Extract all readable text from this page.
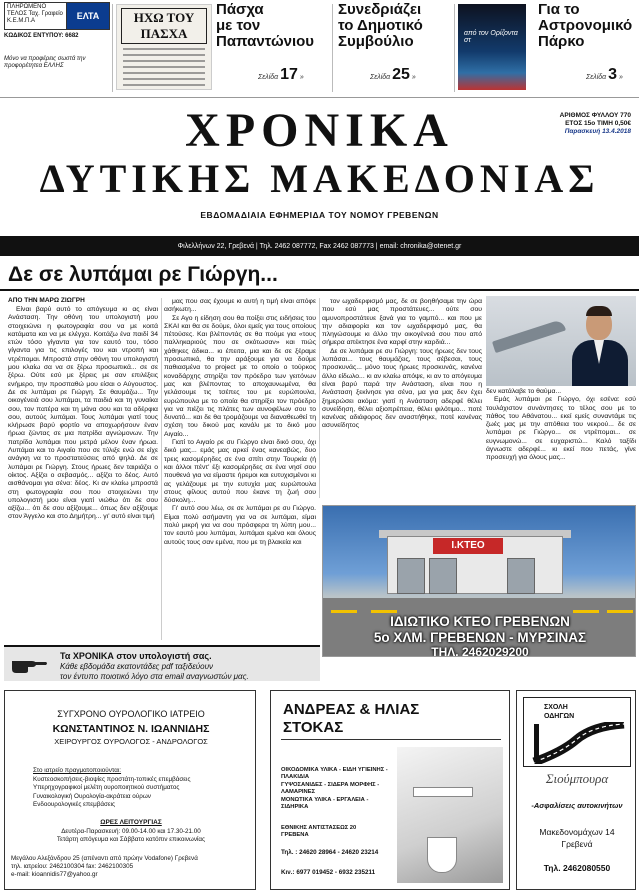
ΠΛΗΡΩΜΕΝΟ ΤΕΛΟΣ Ταχ. Γραφείο Κ.Ε.Μ.Π.Α	ΕΛΤΑ
ΚΩΔΙΚΟΣ ΕΝΤΥΠΟΥ: 6682
Μόνο να προφέρεις σωστά την προφορέτητεα ΕΛΛΗΣ
ΗΧΩ ΤΟΥ ΠΑΣΧΑ
Πάσχα
με τον
Παπαντώνιου
Σελίδα 17 »
Συνεδριάζει
το Δημοτικό
Συμβούλιο
Σελίδα 25 »
από τον Ορίζοντα στ
Για το
Αστρονομικό
Πάρκο
Σελίδα 3 »
ΧΡΟΝΙΚΑ
ΔΥΤΙΚΗΣ ΜΑΚΕΔΟΝΙΑΣ
ΕΒΔΟΜΑΔΙΑΙΑ ΕΦΗΜΕΡΙΔΑ ΤΟΥ ΝΟΜΟΥ ΓΡΕΒΕΝΩΝ
ΑΡΙΘΜΟΣ ΦΥΛΛΟΥ 770
ΕΤΟΣ 15ο ΤΙΜΗ 0,50€
Παρασκευή 13.4.2018
Φιλελλήνων 22, Γρεβενά | Τηλ. 2462 087772, Fax 2462 087773 | email: chronika@otenet.gr
Δε σε λυπάμαι ρε Γιώργη...
ΑΠΟ ΤΗΝ ΜΑΡΩ ΖΙΩΓΡΗ

Είναι βαρύ αυτό το απόγευμα κι ας είναι Ανάσταση. Την οθόνη του υπολογιστή μου στοιχειώνει η φωτογραφία σου να με κοιτά κατάματα και να με ελέγχει. Κοιτάζω ένα παιδί 34 ετών τόσο γίγαντα για τον εαυτό του, τόσο γίγαντα για τις επιλογές του και ντροπή και ντρέπομαι. Μπροστά στην οθόνη του υπολογιστή μου κλαίω σα να σε ξέρω προσωπικά... σε σε ξέρω. Ούτε εσύ με ξέρεις με σαν επιλέξεις ενήμερο, την προσπαθώ μου είσαι ο Αύγουστος. Δε σε λυπάμαι ρε Γιώργη. Σε θαυμάζω... Την οικογένειά σου λυπάμαι, τα παιδιά και τη γυναίκα σου, τον πατέρα και τη μάνα σου και τα αδέρφια σου, αυτούς λυπάμαι. Τους λυπάμαι γιατί τους κλήρωσε βαρύ φορτίο να αποχωρήσουν έναν ήρωα ζώντας σε μια πατρίδα αγνώμονων. Την πατρίδα λυπάμαι που μετρά μέλον έναν ήρωα. Λυπάμαι και το Αιγαίο που σε τύλιξε ενώ σε είχε ανάγκη να το προστατεύσεις από ψηλά. Δε σε λυπάμαι ρε Γιώργη. Στους ήρωες δεν ταιριάζει ο οίκτος. Αξίζει ο σεβασμός... αξίζει το δέος. Αυτό αισθάνομαι για σένα: δέος. Κι αν κλαίω μπροστά στη φωτογραφία σου που στοιχειώνει την υπολογιστή μου είναι γιατί νιώθω ότι δε σου αξίζω... ότι δε σου αξίζουμε... όπως δεν αξίζουμε στον Άγγελο και στο Δημήτρη... γι' αυτό είναι τιμή

μας που σας έχουμε κι αυτή η τιμή είναι απόφε ασήκωτη...

Σε Αγο η είδηση σου θα ποίξει στις ειδήσεις του ΣΚΑΙ και θα σε δούμε, όλοι εμείς για τους οποίους πέτούσες. Και βλέποντάς σε θα πούμε για «τους παλληκαριούς που σε σκότωσαν» και πιώς χάθηκες άδικα... κι έπειτα, μια και δε σε ξέραμε προσωπικά, θα την αράξουμε για να δούμε παθιασμένα το project με το οποίο ο τούρκος κοναδάρχης στηρίζει τον πρόεδρο των γειτόνων μας και βλέποντας το αποχαυνωμένα, θα γελάσουμε τις τσέπες του με ευρώπουλα, ευρώπουλα με το οποία θα στηρίξει τον πρόεδρο για να πιέζει τις πλάτες των αυνοφέλων σου το δυνατό... και δε θα τρομάζουμε να διαναθεωθεί τη σχέση του δικού μας κανάλι με το δικό μου Αιγαίο...

Γιατί το Αιγαίο ρε συ Γιώργο είναι δικό σου, όχι δικό μας... εμάς μας αρκεί ένας κανεαβώς, δυο τρεις κασομέρηδες σε ένα σπίτι στην Τουρκία (ή και άλλοι πέντ' έξι κασομέρηδες σε ένα νησί σου πουθενά για να είμαστε ήρεμοι και ευτυχισμένοι κι ας γελάζουμε με την ευτυχία μας ευρώπουλα στους φίλους αυτού που έκανε τη ζωή σου δύσκολη...

Γι' αυτό σου λέω, σε σε λυπάμαι ρε συ Γιώργο. Είμαι πολύ ασήμαντη για να σε λυπάμαι, είμαι πολύ μικρή για να σου πρόσφερα τη λύπη μου... τον εαυτό μου λυπάμαι, λυπάμαι εμένα και όλους αυτούς τους σαν εμένα, που με τη βλακεία και

τον ωχαδερφισμό μας, δε σε βοηθήσαμε την ώρα που εσύ μας προστάτευες... ούτε σου αμυνοπροστάτευε ξανά για το γαμπό... και που με την αδιαφορία και τον ωχαδερφισμό μας, θα πληγώσουμε κι άλλο την οικογένειά σου που από σήμερα απέκτησε ένα καρφί στην καρδιά...

Δε σε λυπάμαι ρε συ Γιώργη: τους ήρωες δεν τους λυπάσαι... τους θαυμάζεις, τους σέβεσαι, τους προσκυνάς... μόνο τους ήρωες προσκυνάς, κανένα άλλο είδωλο... κι αν κλαίω απόψε, κι αν το απόγευμα είναι βαρύ παρά την Ανάσταση, είναι που η Ανάσταση ξεκίνησε για σένα, μα για μας δεν έχει ξημερώσει ακόμα: γιατί η Ανάσταση αδερφέ θέλει συνείδηση, θέλει αξιοπρέπεια, θέλει φιλότιμο... ποτέ κανένας αδιάφορος δεν αναστήθηκε, ποτέ κανένας ασυνείδητος

δεν κατάλαβε το θαύμα...

Εμάς λυπάμαι ρε Γιώργο, όχι εσένα: εσύ τουλάχιστον συνάντησες το τέλος σου με το πάθος του Αθάνατου... εκεί εμείς συναντάμε τις ζωές μας με την απόθεια του νεκρού... δε σε λυπάμαι ρε Γιώργο... σε ντρέπομαι... σε ευγνωμονώ... σε ευχαριστώ... Καλό ταξίδι άγνωστε αδερφέ... κι εκεί που πετάς, γίνε προσευχή για όλους μας...

Ι.ΚΤΕΟ
ΙΔΙΩΤΙΚΟ ΚΤΕΟ ΓΡΕΒΕΝΩΝ
5ο ΧΛΜ. ΓΡΕΒΕΝΩΝ - ΜΥΡΣΙΝΑΣ
ΤΗΛ. 2462029200
Τα ΧΡΟΝΙΚΑ στον υπολογιστή σας.
Κάθε εβδομάδα εκατοντάδες pdf ταξιδεύουν
τον έντυπο ποιοτικό λόγο στα email αναγνωστών μας.
ΣΥΓΧΡΟΝΟ ΟΥΡΟΛΟΓΙΚΟ ΙΑΤΡΕΙΟ
ΚΩΝΣΤΑΝΤΙΝΟΣ Ν. ΙΩΑΝΝΙΔΗΣ
ΧΕΙΡΟΥΡΓΟΣ ΟΥΡΟΛΟΓΟΣ - ΑΝΔΡΟΛΟΓΟΣ
Στο ιατρείο πραγματοποιούνται:
Κυστεοσκοπήσεις-βιοψίες προστάτη-τοπικές επεμβάσεις
Υπερηχογραφικοί μελέτη ουροποιητικού συστήματος
Γυναικολογική Ουρολογία-ακράτεια ούρων
Ενδοουρολογικές επεμβάσεις
ΩΡΕΣ ΛΕΙΤΟΥΡΓΙΑΣ
Δευτέρα-Παρασκευή: 09.00-14.00 και 17.30-21.00
Τετάρτη απόγευμα και Σάββατο κατόπιν επικοινωνίας
Μεγάλου Αλεξάνδρου 25 (απέναντι από πρώην Vodafone) Γρεβενά
τηλ. ιατρείου: 2462100304 fax: 2462100305
e-mail: kioannidis77@yahoo.gr
ΑΝΔΡΕΑΣ & ΗΛΙΑΣ
ΣΤΟΚΑΣ
ΟΙΚΟΔΟΜΙΚΑ ΥΛΙΚΑ - ΕΙΔΗ ΥΓΙΕΙΝΗΣ -
ΠΛΑΚΙΔΙΑ
ΓΥΨΟΣΑΝΙΔΕΣ - ΣΙΔΕΡΑ ΜΟΡΦΗΣ -
ΛΑΜΑΡΙΝΕΣ
ΜΟΝΩΤΙΚΑ ΥΛΙΚΑ - ΕΡΓΑΛΕΙΑ -
ΣΙΔΗΡΙΚΑ
ΕΘΝΙΚΗΣ ΑΝΤΙΣΤΑΣΕΩΣ 20
ΓΡΕΒΕΝΑ
Τηλ. : 24620 28964 - 24620 23214
Κιν.: 6977 019452 - 6932 235211
ΣΧΟΛΗ
ΟΔΗΓΩΝ
Σιούμπουρα
-Ασφαλίσεις αυτοκινήτων
Μακεδονομάχων 14
Γρεβενά
Τηλ. 2462080550
